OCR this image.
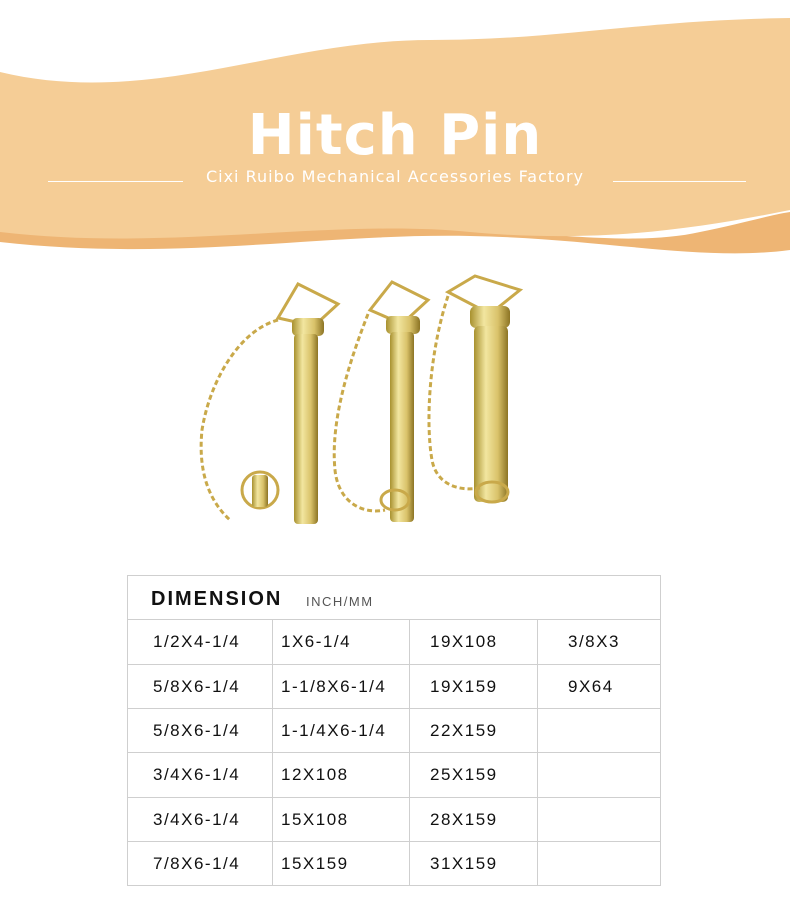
Hitch Pin
Cixi Ruibo Mechanical Accessories Factory
DIMENSION INCH/MM
1/2X4-1/4	1X6-1/4	19X108	3/8X3
5/8X6-1/4	1-1/8X6-1/4	19X159	9X64
5/8X6-1/4	1-1/4X6-1/4	22X159
3/4X6-1/4	12X108	25X159
3/4X6-1/4	15X108	28X159
7/8X6-1/4	15X159	31X159
